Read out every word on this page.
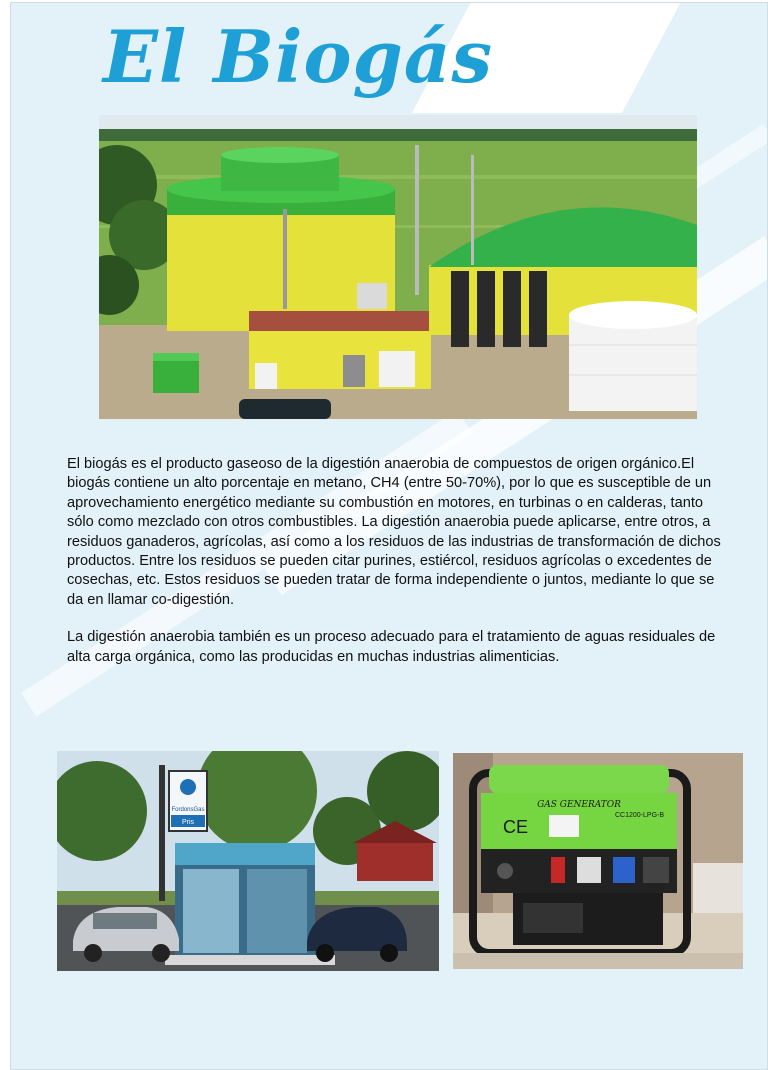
El Biogás

El biogás es el producto gaseoso de la digestión anaerobia de compuestos de origen orgánico.El biogás contiene un alto porcentaje en metano, CH4 (entre 50-70%), por lo que es susceptible de un aprovechamiento energético mediante su combustión en motores, en turbinas o en calderas, tanto sólo como mezclado con otros combustibles. La digestión anaerobia puede aplicarse, entre otros, a residuos ganaderos, agrícolas, así como a los residuos de las industrias de transformación de dichos productos. Entre los residuos se pueden citar purines, estiércol, residuos agrícolas o excedentes de cosechas, etc. Estos residuos se pueden tratar de forma independiente o juntos, mediante lo que se da en llamar co-digestión.

La digestión anaerobia también es un proceso adecuado para el tratamiento de aguas residuales de alta carga orgánica, como las producidas en muchas industrias alimenticias.

FordonsGas
Pris
GAS GENERATOR
CE
CC1200-LPG-B
